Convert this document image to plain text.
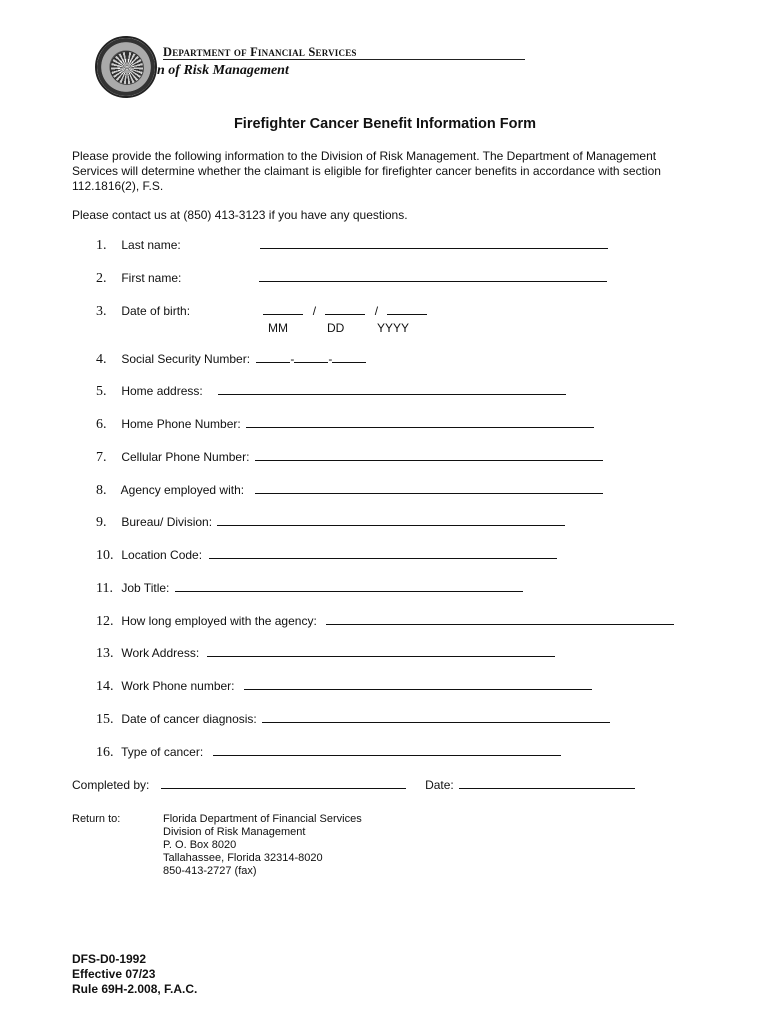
Department of Financial Services
n of Risk Management
Firefighter Cancer Benefit Information Form
Please provide the following information to the Division of Risk Management. The Department of Management Services will determine whether the claimant is eligible for firefighter cancer benefits in accordance with section 112.1816(2), F.S.
Please contact us at (850) 413-3123 if you have any questions.
1. Last name:
2. First name:
3. Date of birth:	/	/
MM	DD	YYYY
4. Social Security Number:	-	-
5. Home address:
6. Home Phone Number:
7. Cellular Phone Number:
8. Agency employed with:
9. Bureau/ Division:
10. Location Code:
11. Job Title:
12. How long employed with the agency:
13. Work Address:
14. Work Phone number:
15. Date of cancer diagnosis:
16. Type of cancer:
Completed by:	Date:
Return to:	Florida Department of Financial Services
Division of Risk Management
P. O. Box 8020
Tallahassee, Florida 32314-8020
850-413-2727 (fax)
DFS-D0-1992
Effective 07/23
Rule 69H-2.008, F.A.C.
